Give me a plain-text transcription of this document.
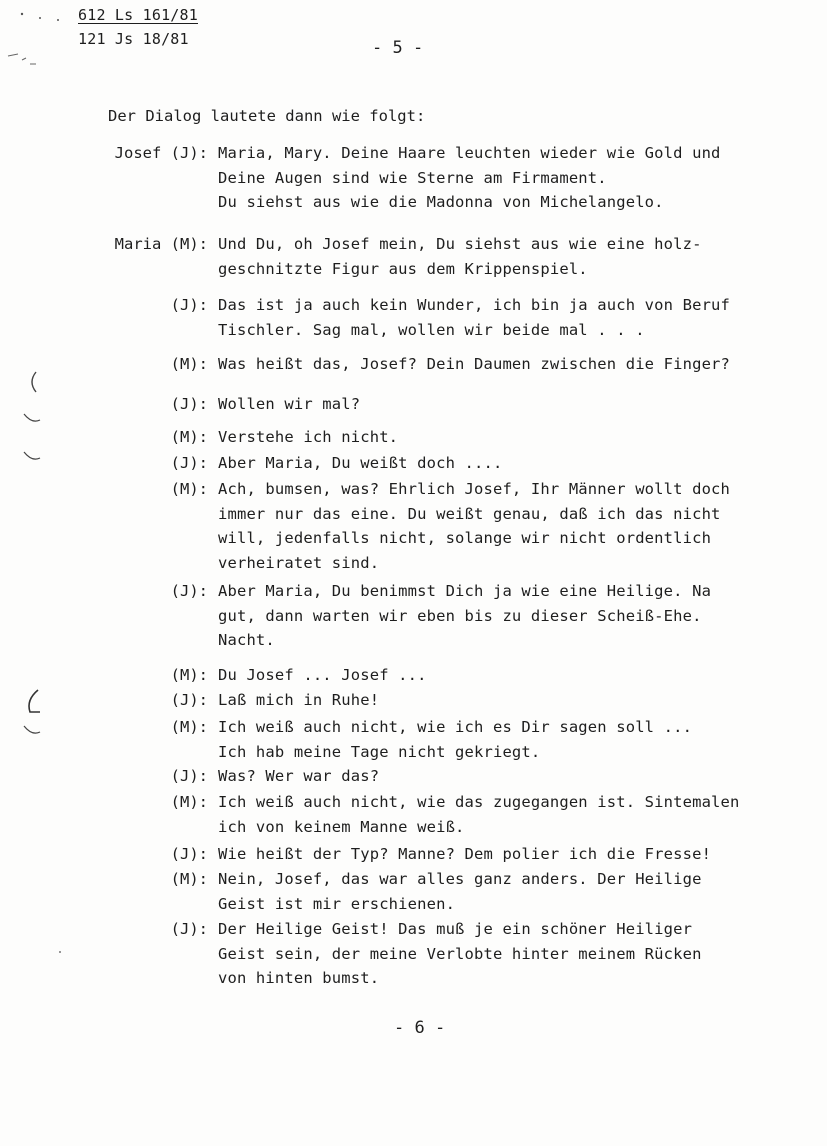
612 Ls 161/81
121 Js 18/81	- 5 -
Der Dialog lautete dann wie folgt:
Josef (J): Maria, Mary. Deine Haare leuchten wieder wie Gold und
Deine Augen sind wie Sterne am Firmament.
Du siehst aus wie die Madonna von Michelangelo.
Maria (M): Und Du, oh Josef mein, Du siehst aus wie eine holz-
geschnitzte Figur aus dem Krippenspiel.
(J): Das ist ja auch kein Wunder, ich bin ja auch von Beruf
Tischler. Sag mal, wollen wir beide mal . . .
(M): Was heißt das, Josef? Dein Daumen zwischen die Finger?
(J): Wollen wir mal?
(M): Verstehe ich nicht.
(J): Aber Maria, Du weißt doch ....
(M): Ach, bumsen, was? Ehrlich Josef, Ihr Männer wollt doch
immer nur das eine. Du weißt genau, daß ich das nicht
will, jedenfalls nicht, solange wir nicht ordentlich
verheiratet sind.
(J): Aber Maria, Du benimmst Dich ja wie eine Heilige. Na
gut, dann warten wir eben bis zu dieser Scheiß-Ehe.
Nacht.
(M): Du Josef ... Josef ...
(J): Laß mich in Ruhe!
(M): Ich weiß auch nicht, wie ich es Dir sagen soll ...
Ich hab meine Tage nicht gekriegt.
(J): Was? Wer war das?
(M): Ich weiß auch nicht, wie das zugegangen ist. Sintemalen
ich von keinem Manne weiß.
(J): Wie heißt der Typ? Manne? Dem polier ich die Fresse!
(M): Nein, Josef, das war alles ganz anders. Der Heilige
Geist ist mir erschienen.
(J): Der Heilige Geist! Das muß je ein schöner Heiliger
Geist sein, der meine Verlobte hinter meinem Rücken
von hinten bumst.
- 6 -
